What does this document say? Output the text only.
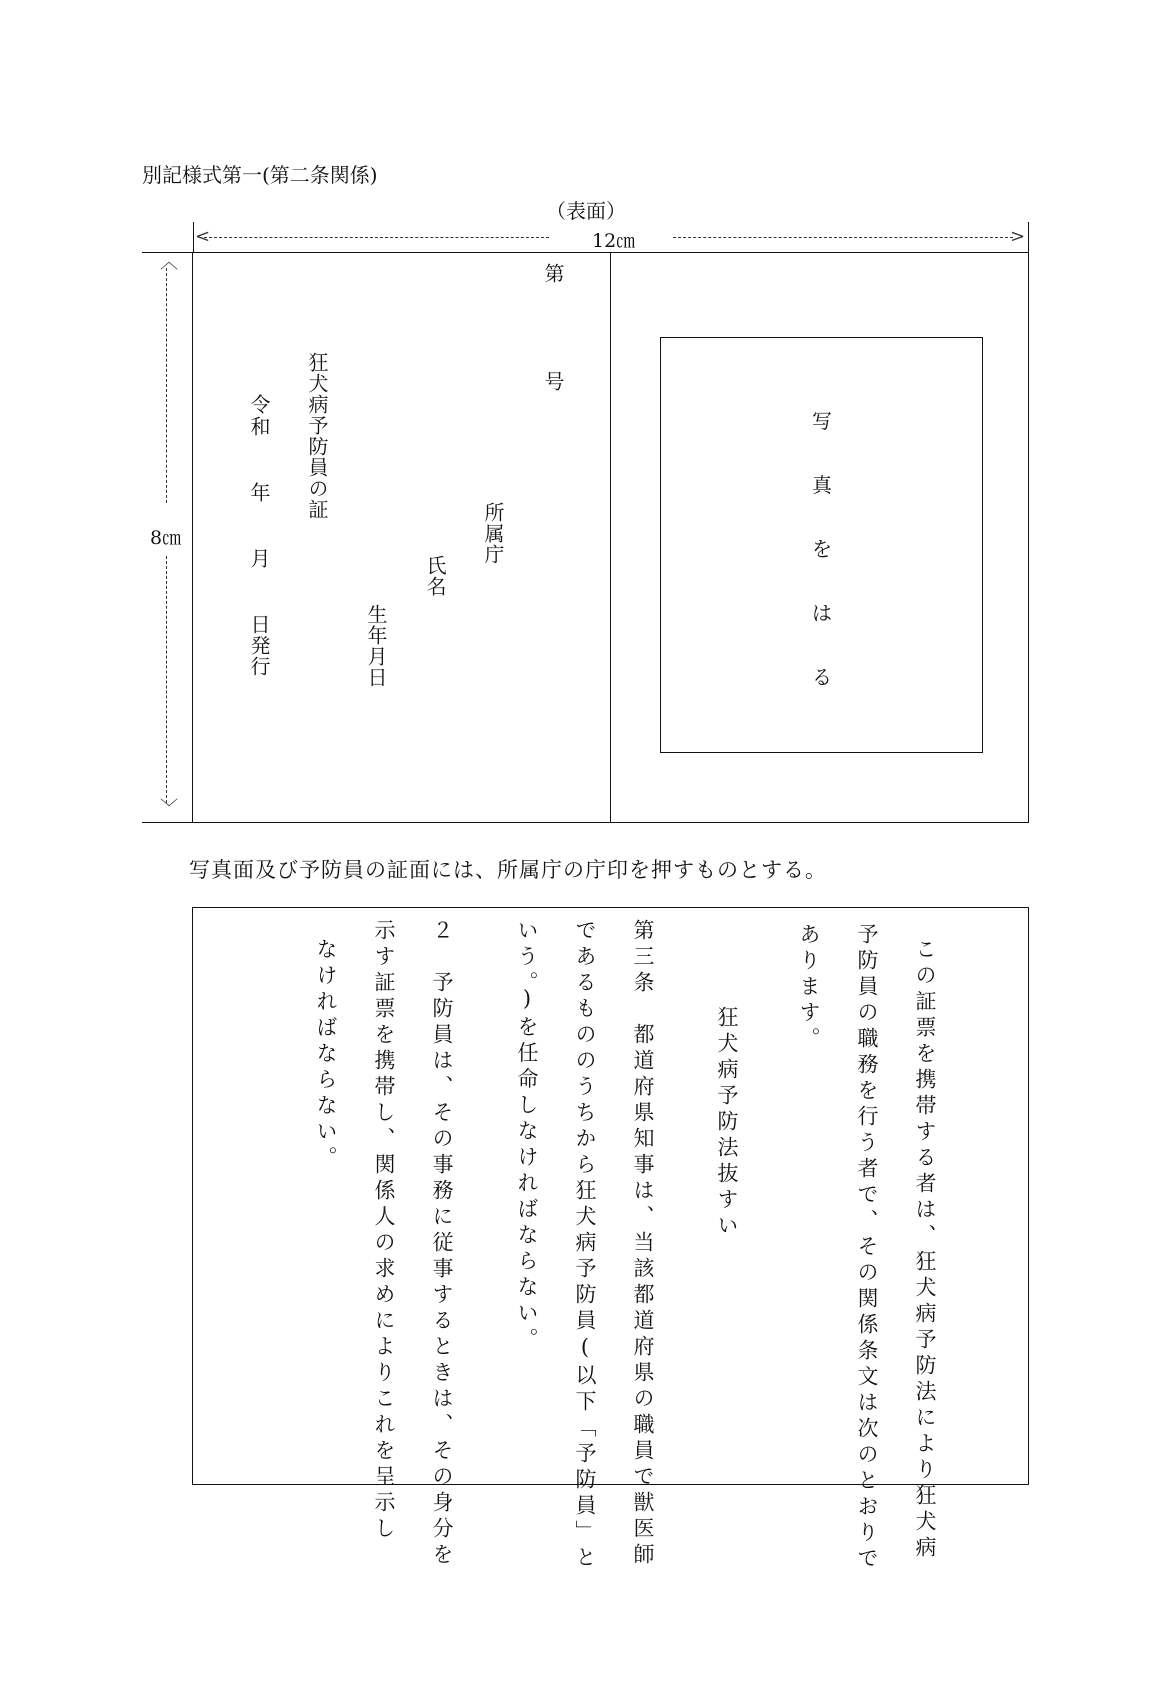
別記様式第一(第二条関係)
（表面）
<	12㎝	>
︿
8㎝
﹀
第
号
狂犬病予防員の証
令和
年
月
日発行
所属庁
氏名
生年月日
写
真
を
は
る
写真面及び予防員の証面には、所属庁の庁印を押すものとする。
この証票を携帯する者は、狂犬病予防法により狂犬病
予防員の職務を行う者で、その関係条文は次のとおりで
あります。
狂犬病予防法抜すい
第三条　都道府県知事は、当該都道府県の職員で獣医師
であるもののうちから狂犬病予防員(以下「予防員」と
いう。)を任命しなければならない。
２　予防員は、その事務に従事するときは、その身分を
示す証票を携帯し、関係人の求めによりこれを呈示し
なければならない。
